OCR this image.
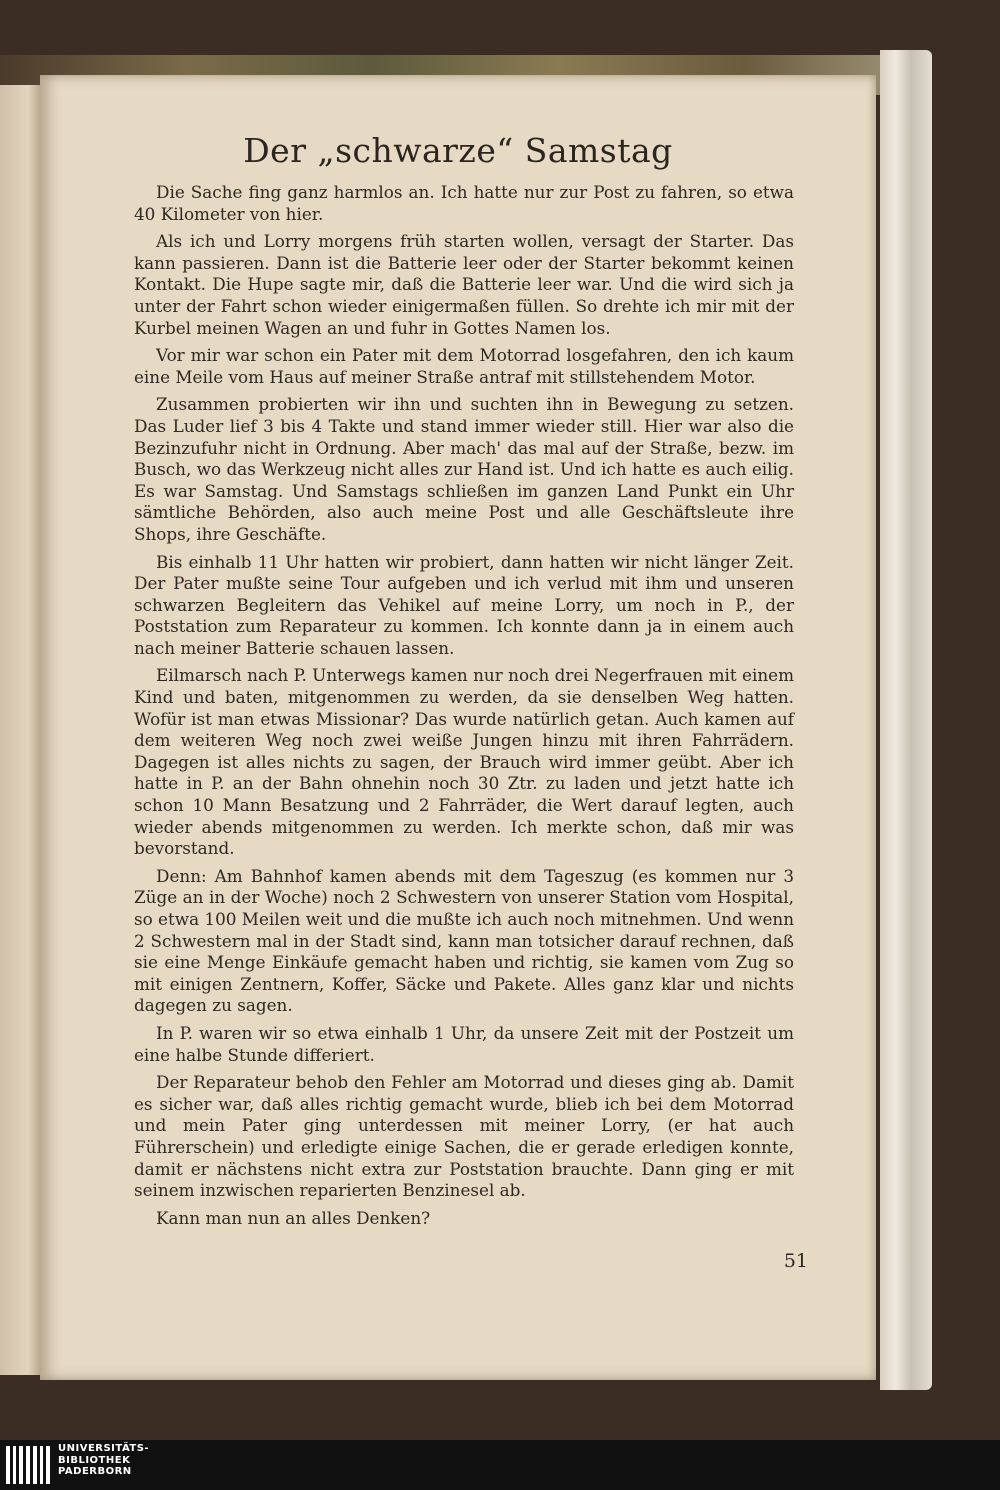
Der „schwarze“ Samstag

Die Sache fing ganz harmlos an. Ich hatte nur zur Post zu fahren, so etwa 40 Kilometer von hier.

Als ich und Lorry morgens früh starten wollen, versagt der Starter. Das kann passieren. Dann ist die Batterie leer oder der Starter bekommt keinen Kontakt. Die Hupe sagte mir, daß die Batterie leer war. Und die wird sich ja unter der Fahrt schon wieder einigermaßen füllen. So drehte ich mir mit der Kurbel meinen Wagen an und fuhr in Gottes Namen los.

Vor mir war schon ein Pater mit dem Motorrad losgefahren, den ich kaum eine Meile vom Haus auf meiner Straße antraf mit stillstehendem Motor.

Zusammen probierten wir ihn und suchten ihn in Bewegung zu setzen. Das Luder lief 3 bis 4 Takte und stand immer wieder still. Hier war also die Bezinzufuhr nicht in Ordnung. Aber mach' das mal auf der Straße, bezw. im Busch, wo das Werkzeug nicht alles zur Hand ist. Und ich hatte es auch eilig. Es war Samstag. Und Samstags schließen im ganzen Land Punkt ein Uhr sämtliche Behörden, also auch meine Post und alle Geschäftsleute ihre Shops, ihre Geschäfte.

Bis einhalb 11 Uhr hatten wir probiert, dann hatten wir nicht länger Zeit. Der Pater mußte seine Tour aufgeben und ich verlud mit ihm und unseren schwarzen Begleitern das Vehikel auf meine Lorry, um noch in P., der Poststation zum Reparateur zu kommen. Ich konnte dann ja in einem auch nach meiner Batterie schauen lassen.

Eilmarsch nach P. Unterwegs kamen nur noch drei Negerfrauen mit einem Kind und baten, mitgenommen zu werden, da sie denselben Weg hatten. Wofür ist man etwas Missionar? Das wurde natürlich getan. Auch kamen auf dem weiteren Weg noch zwei weiße Jungen hinzu mit ihren Fahrrädern. Dagegen ist alles nichts zu sagen, der Brauch wird immer geübt. Aber ich hatte in P. an der Bahn ohnehin noch 30 Ztr. zu laden und jetzt hatte ich schon 10 Mann Besatzung und 2 Fahrräder, die Wert darauf legten, auch wieder abends mitgenommen zu werden. Ich merkte schon, daß mir was bevorstand.

Denn: Am Bahnhof kamen abends mit dem Tageszug (es kommen nur 3 Züge an in der Woche) noch 2 Schwestern von unserer Station vom Hospital, so etwa 100 Meilen weit und die mußte ich auch noch mitnehmen. Und wenn 2 Schwestern mal in der Stadt sind, kann man totsicher darauf rechnen, daß sie eine Menge Einkäufe gemacht haben und richtig, sie kamen vom Zug so mit einigen Zentnern, Koffer, Säcke und Pakete. Alles ganz klar und nichts dagegen zu sagen.

In P. waren wir so etwa einhalb 1 Uhr, da unsere Zeit mit der Postzeit um eine halbe Stunde differiert.

Der Reparateur behob den Fehler am Motorrad und dieses ging ab. Damit es sicher war, daß alles richtig gemacht wurde, blieb ich bei dem Motorrad und mein Pater ging unterdessen mit meiner Lorry, (er hat auch Führerschein) und erledigte einige Sachen, die er gerade erledigen konnte, damit er nächstens nicht extra zur Poststation brauchte. Dann ging er mit seinem inzwischen reparierten Benzinesel ab.

Kann man nun an alles Denken?

51
UNIVERSITÄTS-
BIBLIOTHEK
PADERBORN
